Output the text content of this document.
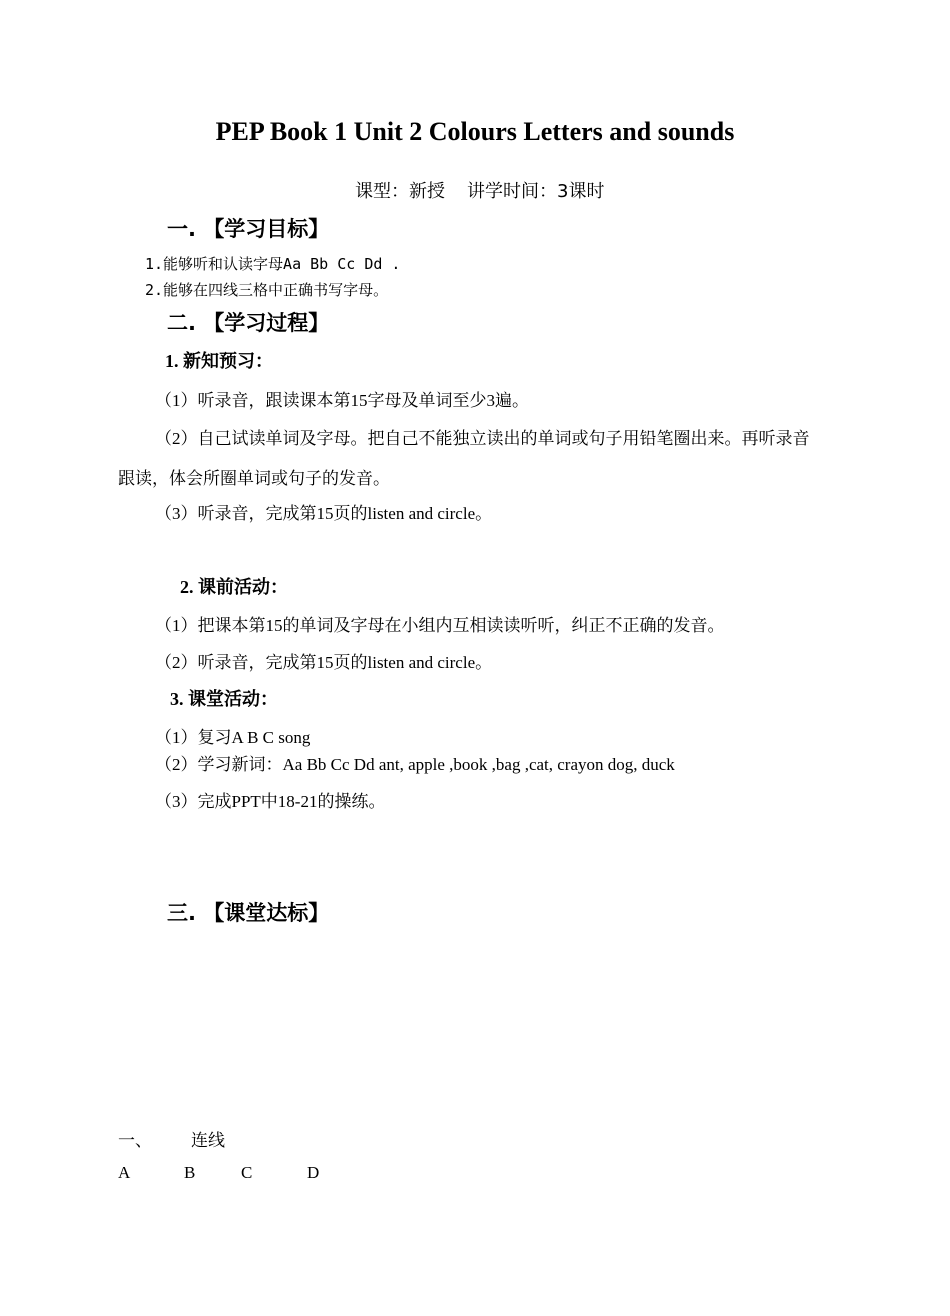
PEP Book 1 Unit 2 Colours Letters and sounds
课型：新授 讲学时间：3课时
一. 【学习目标】
1.能够听和认读字母Aa Bb Cc Dd .
2.能够在四线三格中正确书写字母。
二. 【学习过程】
1. 新知预习：
（1）听录音，跟读课本第15字母及单词至少3遍。
（2）自己试读单词及字母。把自己不能独立读出的单词或句子用铅笔圈出来。再听录音
跟读，体会所圈单词或句子的发音。
（3）听录音，完成第15页的listen and circle。
2. 课前活动：
（1）把课本第15的单词及字母在小组内互相读读听听，纠正不正确的发音。
（2）听录音，完成第15页的listen and circle。
3. 课堂活动：
（1）复习A B C song
（2）学习新词：Aa Bb Cc Dd ant, apple ,book ,bag ,cat, crayon dog, duck
（3）完成PPT中18-21的操练。
三. 【课堂达标】
一、 连线
A	B	C	D
